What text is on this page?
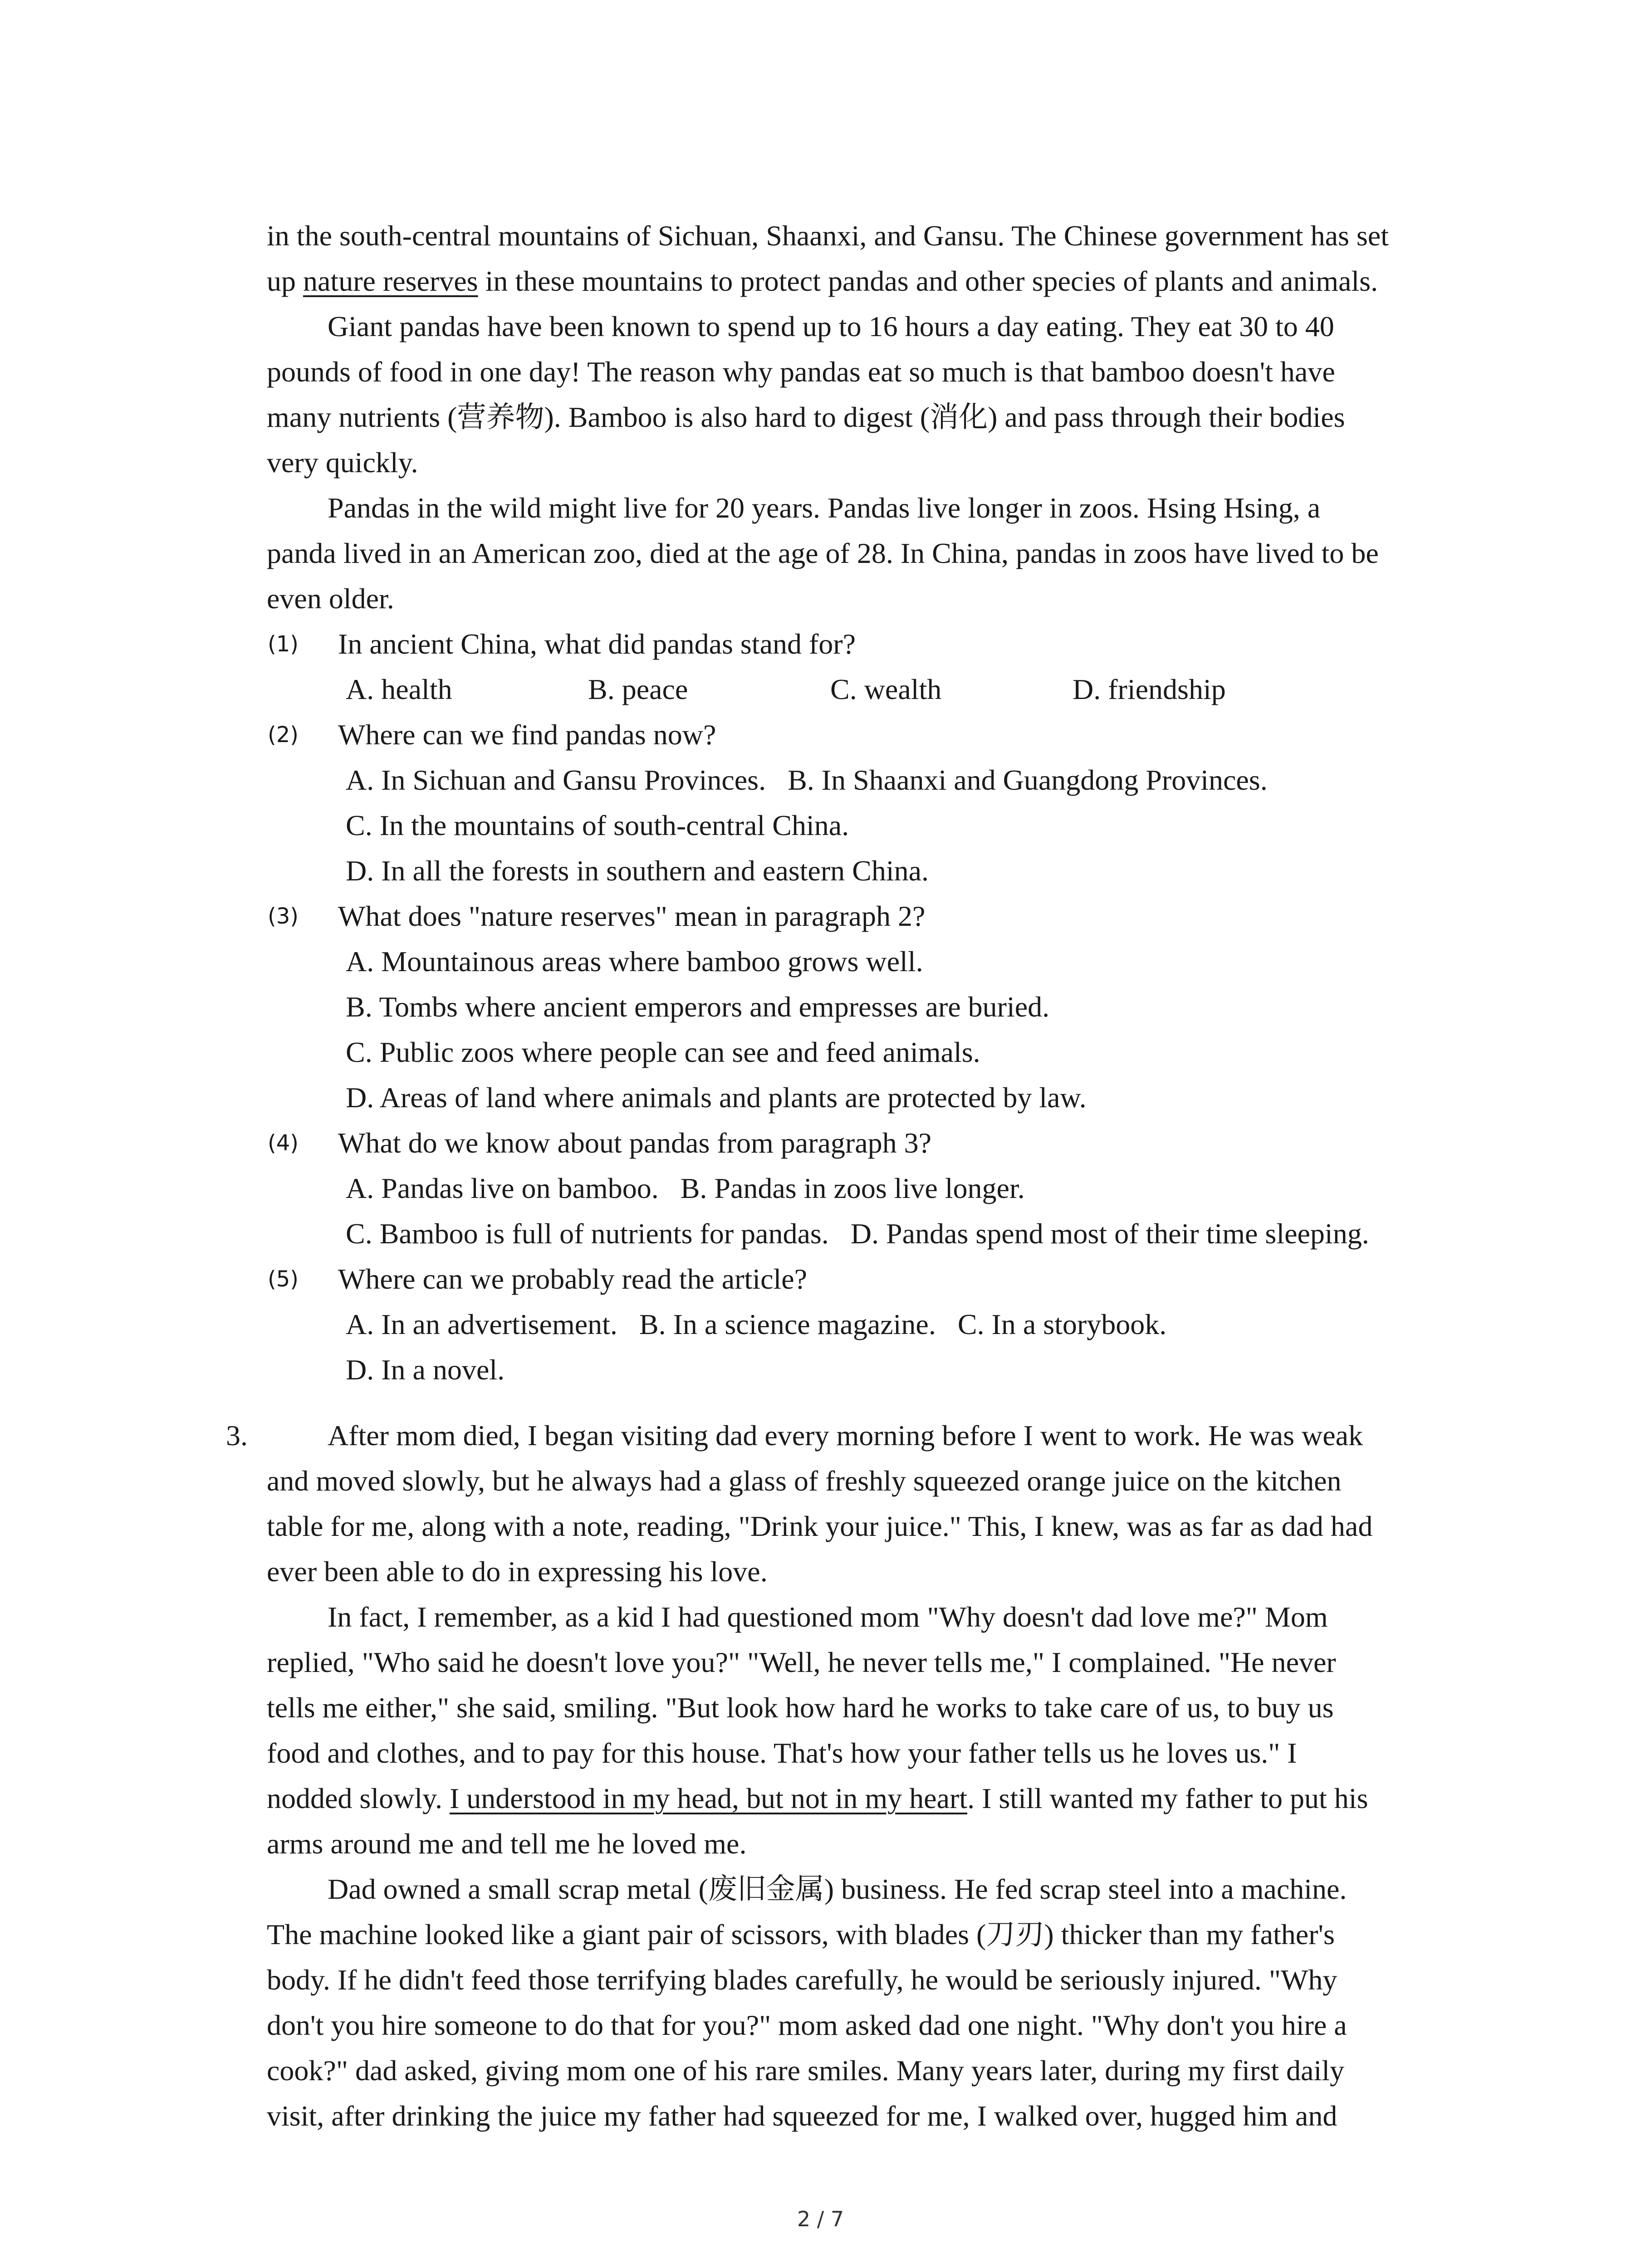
in the south-central mountains of Sichuan, Shaanxi, and Gansu. The Chinese government has set
up nature reserves in these mountains to protect pandas and other species of plants and animals.
Giant pandas have been known to spend up to 16 hours a day eating. They eat 30 to 40
pounds of food in one day! The reason why pandas eat so much is that bamboo doesn't have
many nutrients (营养物). Bamboo is also hard to digest (消化) and pass through their bodies
very quickly.
Pandas in the wild might live for 20 years. Pandas live longer in zoos. Hsing Hsing, a
panda lived in an American zoo, died at the age of 28. In China, pandas in zoos have lived to be
even older.
(1) In ancient China, what did pandas stand for?
A. health	B. peace	C. wealth	D. friendship
(2) Where can we find pandas now?
A. In Sichuan and Gansu Provinces.   B. In Shaanxi and Guangdong Provinces.
C. In the mountains of south-central China.
D. In all the forests in southern and eastern China.
(3) What does "nature reserves" mean in paragraph 2?
A. Mountainous areas where bamboo grows well.
B. Tombs where ancient emperors and empresses are buried.
C. Public zoos where people can see and feed animals.
D. Areas of land where animals and plants are protected by law.
(4) What do we know about pandas from paragraph 3?
A. Pandas live on bamboo.   B. Pandas in zoos live longer.
C. Bamboo is full of nutrients for pandas.   D. Pandas spend most of their time sleeping.
(5) Where can we probably read the article?
A. In an advertisement.   B. In a science magazine.   C. In a storybook.
D. In a novel.
3.	After mom died, I began visiting dad every morning before I went to work. He was weak
and moved slowly, but he always had a glass of freshly squeezed orange juice on the kitchen
table for me, along with a note, reading, "Drink your juice." This, I knew, was as far as dad had
ever been able to do in expressing his love.
In fact, I remember, as a kid I had questioned mom "Why doesn't dad love me?" Mom
replied, "Who said he doesn't love you?" "Well, he never tells me," I complained. "He never
tells me either," she said, smiling. "But look how hard he works to take care of us, to buy us
food and clothes, and to pay for this house. That's how your father tells us he loves us." I
nodded slowly. I understood in my head, but not in my heart. I still wanted my father to put his
arms around me and tell me he loved me.
Dad owned a small scrap metal (废旧金属) business. He fed scrap steel into a machine.
The machine looked like a giant pair of scissors, with blades (刀刃) thicker than my father's
body. If he didn't feed those terrifying blades carefully, he would be seriously injured. "Why
don't you hire someone to do that for you?" mom asked dad one night. "Why don't you hire a
cook?" dad asked, giving mom one of his rare smiles. Many years later, during my first daily
visit, after drinking the juice my father had squeezed for me, I walked over, hugged him and
2 / 7
